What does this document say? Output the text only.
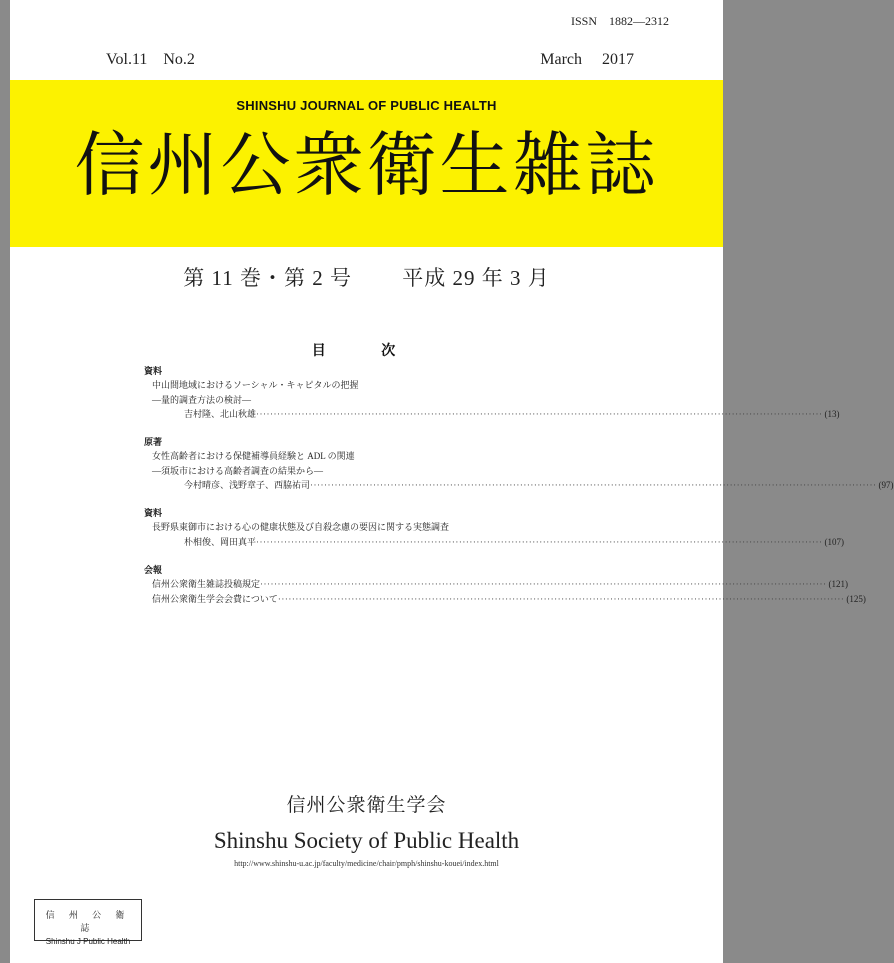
ISSN　1882―2312
Vol.11　No.2	March　 2017
SHINSHU JOURNAL OF PUBLIC HEALTH
信州公衆衛生雑誌
第 11 巻・第 2 号　　 平成 29 年 3 月
目 次
資料
中山間地域におけるソーシャル・キャピタルの把握
―量的調査方法の検討―
吉村隆、北山秋雄 ·································································································································································· (13)
原著
女性高齢者における保健補導員経験と ADL の関連
―須坂市における高齢者調査の結果から―
今村晴彦、浅野章子、西脇祐司 ·································································································································································· (97)
資料
長野県東御市における心の健康状態及び自殺念慮の要因に関する実態調査
朴相俊、岡田真平 ·································································································································································· (107)
会報
信州公衆衛生雑誌投稿規定 ·································································································································································· (121)
信州公衆衛生学会会費について ·································································································································································· (125)
信州公衆衛生学会
Shinshu Society of Public Health
http://www.shinshu-u.ac.jp/faculty/medicine/chair/pmph/shinshu-kouei/index.html
信 州 公 衛 誌
Shinshu J Public Health
